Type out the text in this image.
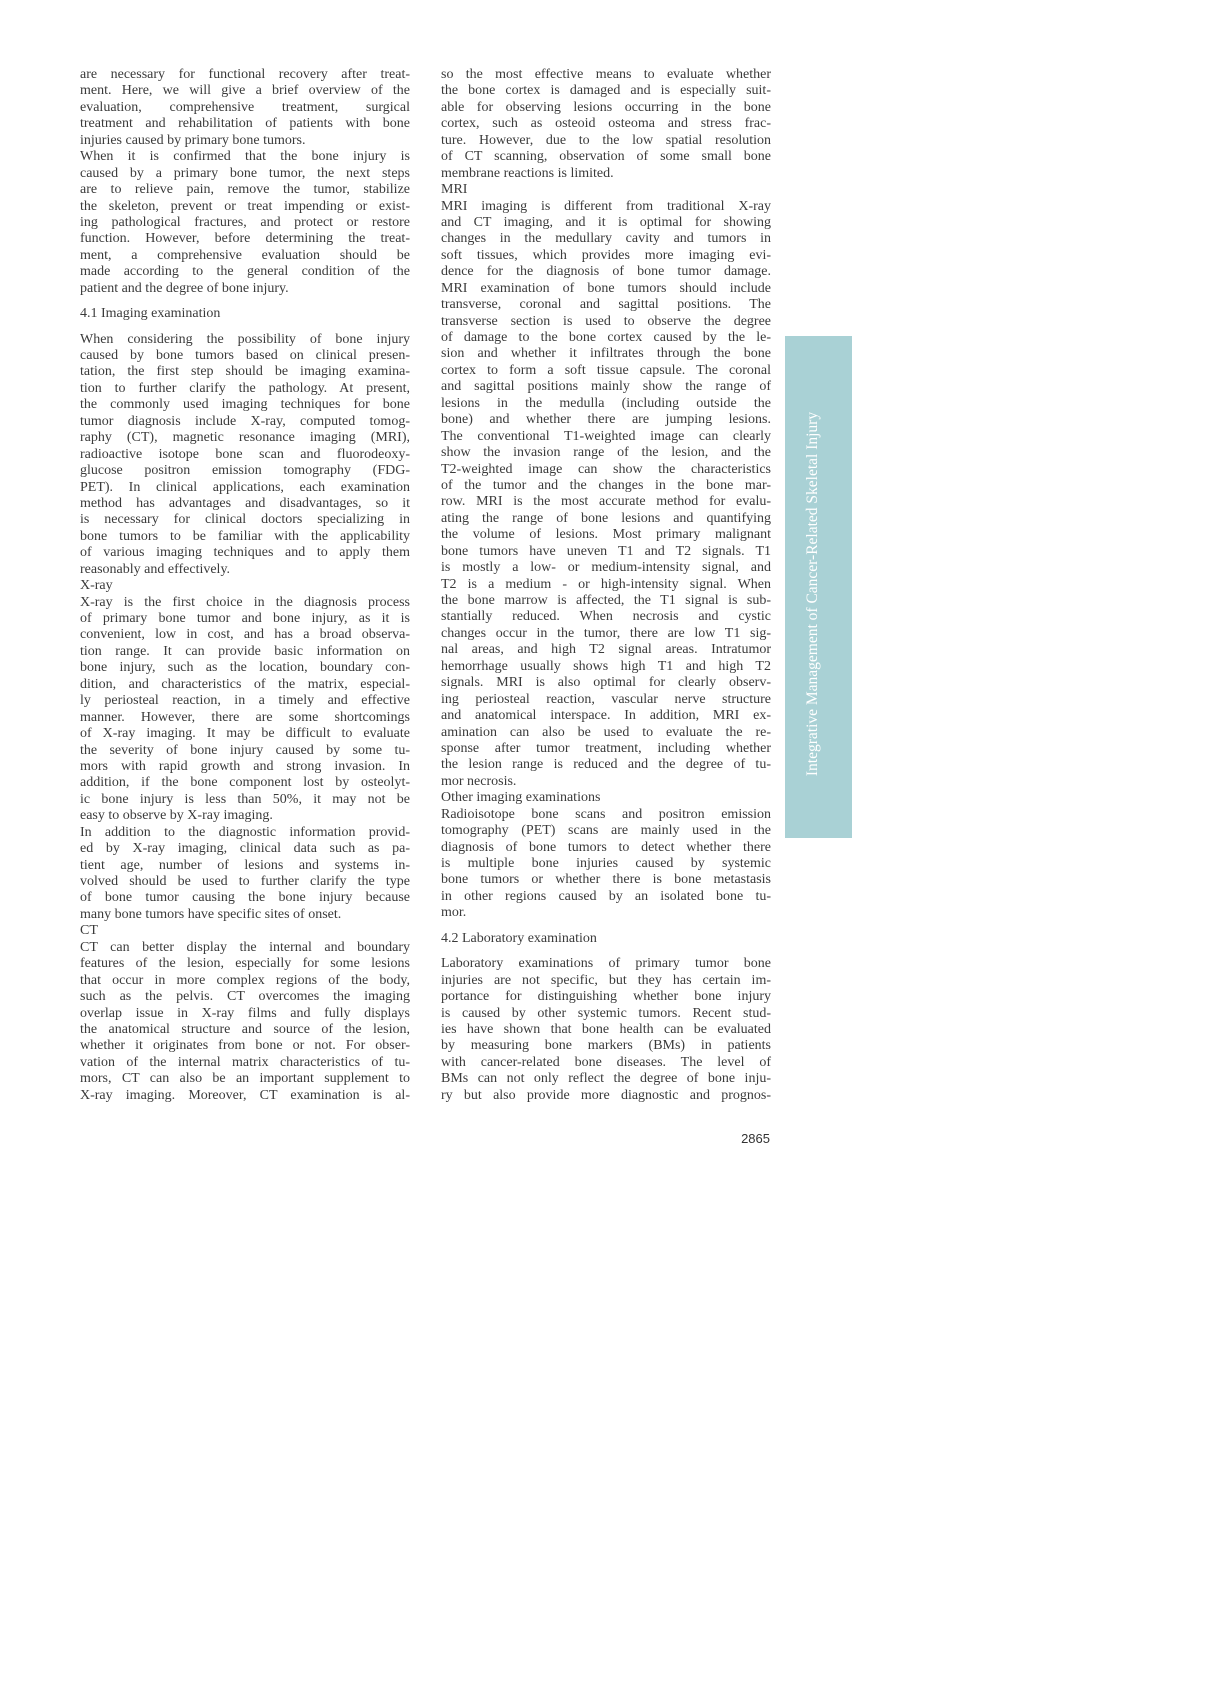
are necessary for functional recovery after treat-
ment. Here, we will give a brief overview of the
evaluation, comprehensive treatment, surgical
treatment and rehabilitation of patients with bone
injuries caused by primary bone tumors.
When it is confirmed that the bone injury is
caused by a primary bone tumor, the next steps
are to relieve pain, remove the tumor, stabilize
the skeleton, prevent or treat impending or exist-
ing pathological fractures, and protect or restore
function. However, before determining the treat-
ment, a comprehensive evaluation should be
made according to the general condition of the
patient and the degree of bone injury.
4.1 Imaging examination
When considering the possibility of bone injury
caused by bone tumors based on clinical presen-
tation, the first step should be imaging examina-
tion to further clarify the pathology. At present,
the commonly used imaging techniques for bone
tumor diagnosis include X-ray, computed tomog-
raphy (CT), magnetic resonance imaging (MRI),
radioactive isotope bone scan and fluorodeoxy-
glucose positron emission tomography (FDG-
PET). In clinical applications, each examination
method has advantages and disadvantages, so it
is necessary for clinical doctors specializing in
bone tumors to be familiar with the applicability
of various imaging techniques and to apply them
reasonably and effectively.
X-ray
X-ray is the first choice in the diagnosis process
of primary bone tumor and bone injury, as it is
convenient, low in cost, and has a broad observa-
tion range. It can provide basic information on
bone injury, such as the location, boundary con-
dition, and characteristics of the matrix, especial-
ly periosteal reaction, in a timely and effective
manner. However, there are some shortcomings
of X-ray imaging. It may be difficult to evaluate
the severity of bone injury caused by some tu-
mors with rapid growth and strong invasion. In
addition, if the bone component lost by osteolyt-
ic bone injury is less than 50%, it may not be
easy to observe by X-ray imaging.
In addition to the diagnostic information provid-
ed by X-ray imaging, clinical data such as pa-
tient age, number of lesions and systems in-
volved should be used to further clarify the type
of bone tumor causing the bone injury because
many bone tumors have specific sites of onset.
CT
CT can better display the internal and boundary
features of the lesion, especially for some lesions
that occur in more complex regions of the body,
such as the pelvis. CT overcomes the imaging
overlap issue in X-ray films and fully displays
the anatomical structure and source of the lesion,
whether it originates from bone or not. For obser-
vation of the internal matrix characteristics of tu-
mors, CT can also be an important supplement to
X-ray imaging. Moreover, CT examination is al-
so the most effective means to evaluate whether
the bone cortex is damaged and is especially suit-
able for observing lesions occurring in the bone
cortex, such as osteoid osteoma and stress frac-
ture. However, due to the low spatial resolution
of CT scanning, observation of some small bone
membrane reactions is limited.
MRI
MRI imaging is different from traditional X-ray
and CT imaging, and it is optimal for showing
changes in the medullary cavity and tumors in
soft tissues, which provides more imaging evi-
dence for the diagnosis of bone tumor damage.
MRI examination of bone tumors should include
transverse, coronal and sagittal positions. The
transverse section is used to observe the degree
of damage to the bone cortex caused by the le-
sion and whether it infiltrates through the bone
cortex to form a soft tissue capsule. The coronal
and sagittal positions mainly show the range of
lesions in the medulla (including outside the
bone) and whether there are jumping lesions.
The conventional T1-weighted image can clearly
show the invasion range of the lesion, and the
T2-weighted image can show the characteristics
of the tumor and the changes in the bone mar-
row. MRI is the most accurate method for evalu-
ating the range of bone lesions and quantifying
the volume of lesions. Most primary malignant
bone tumors have uneven T1 and T2 signals. T1
is mostly a low- or medium-intensity signal, and
T2 is a medium - or high-intensity signal. When
the bone marrow is affected, the T1 signal is sub-
stantially reduced. When necrosis and cystic
changes occur in the tumor, there are low T1 sig-
nal areas, and high T2 signal areas. Intratumor
hemorrhage usually shows high T1 and high T2
signals. MRI is also optimal for clearly observ-
ing periosteal reaction, vascular nerve structure
and anatomical interspace. In addition, MRI ex-
amination can also be used to evaluate the re-
sponse after tumor treatment, including whether
the lesion range is reduced and the degree of tu-
mor necrosis.
Other imaging examinations
Radioisotope bone scans and positron emission
tomography (PET) scans are mainly used in the
diagnosis of bone tumors to detect whether there
is multiple bone injuries caused by systemic
bone tumors or whether there is bone metastasis
in other regions caused by an isolated bone tu-
mor.
4.2 Laboratory examination
Laboratory examinations of primary tumor bone
injuries are not specific, but they has certain im-
portance for distinguishing whether bone injury
is caused by other systemic tumors. Recent stud-
ies have shown that bone health can be evaluated
by measuring bone markers (BMs) in patients
with cancer-related bone diseases. The level of
BMs can not only reflect the degree of bone inju-
ry but also provide more diagnostic and prognos-
Integrative Management of Cancer-Related Skeletal Injury
2865
